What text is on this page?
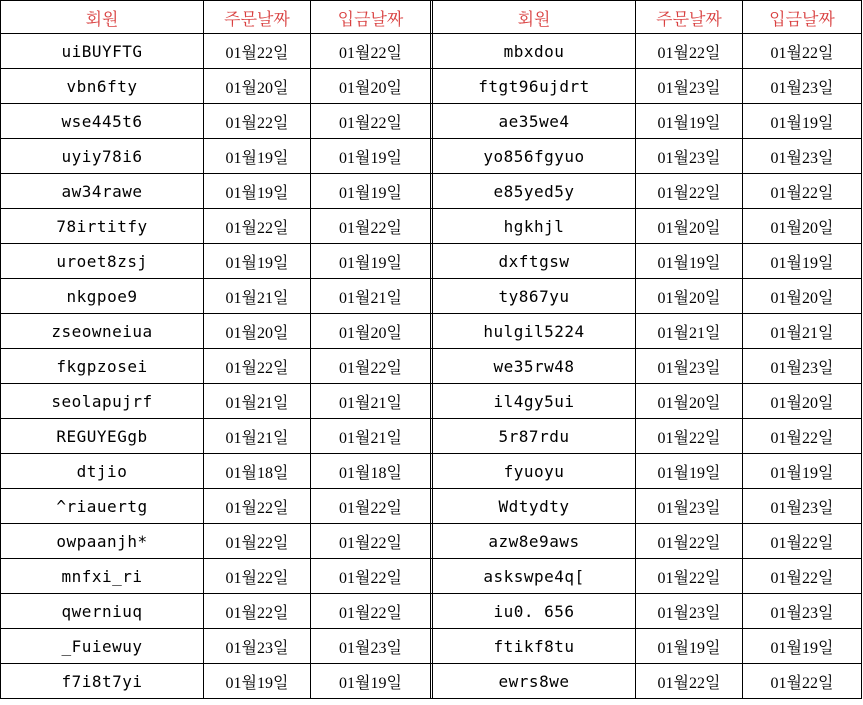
회원	주문날짜	입금날짜		회원	주문날짜	입금날짜
uiBUYFTG	01월22일	01월22일		mbxdou	01월22일	01월22일
vbn6fty	01월20일	01월20일		ftgt96ujdrt	01월23일	01월23일
wse445t6	01월22일	01월22일		ae35we4	01월19일	01월19일
uyiy78i6	01월19일	01월19일		yo856fgyuo	01월23일	01월23일
aw34rawe	01월19일	01월19일		e85yed5y	01월22일	01월22일
78irtitfy	01월22일	01월22일		hgkhjl	01월20일	01월20일
uroet8zsj	01월19일	01월19일		dxftgsw	01월19일	01월19일
nkgpoe9	01월21일	01월21일		ty867yu	01월20일	01월20일
zseowneiua	01월20일	01월20일		hulgil5224	01월21일	01월21일
fkgpzosei	01월22일	01월22일		we35rw48	01월23일	01월23일
seolapujrf	01월21일	01월21일		il4gy5ui	01월20일	01월20일
REGUYEGgb	01월21일	01월21일		5r87rdu	01월22일	01월22일
dtjio	01월18일	01월18일		fyuoyu	01월19일	01월19일
^riauertg	01월22일	01월22일		Wdtydty	01월23일	01월23일
owpaanjh*	01월22일	01월22일		azw8e9aws	01월22일	01월22일
mnfxi_ri	01월22일	01월22일		askswpe4q[	01월22일	01월22일
qwerniuq	01월22일	01월22일		iu0. 656	01월23일	01월23일
_Fuiewuy	01월23일	01월23일		ftikf8tu	01월19일	01월19일
f7i8t7yi	01월19일	01월19일		ewrs8we	01월22일	01월22일
